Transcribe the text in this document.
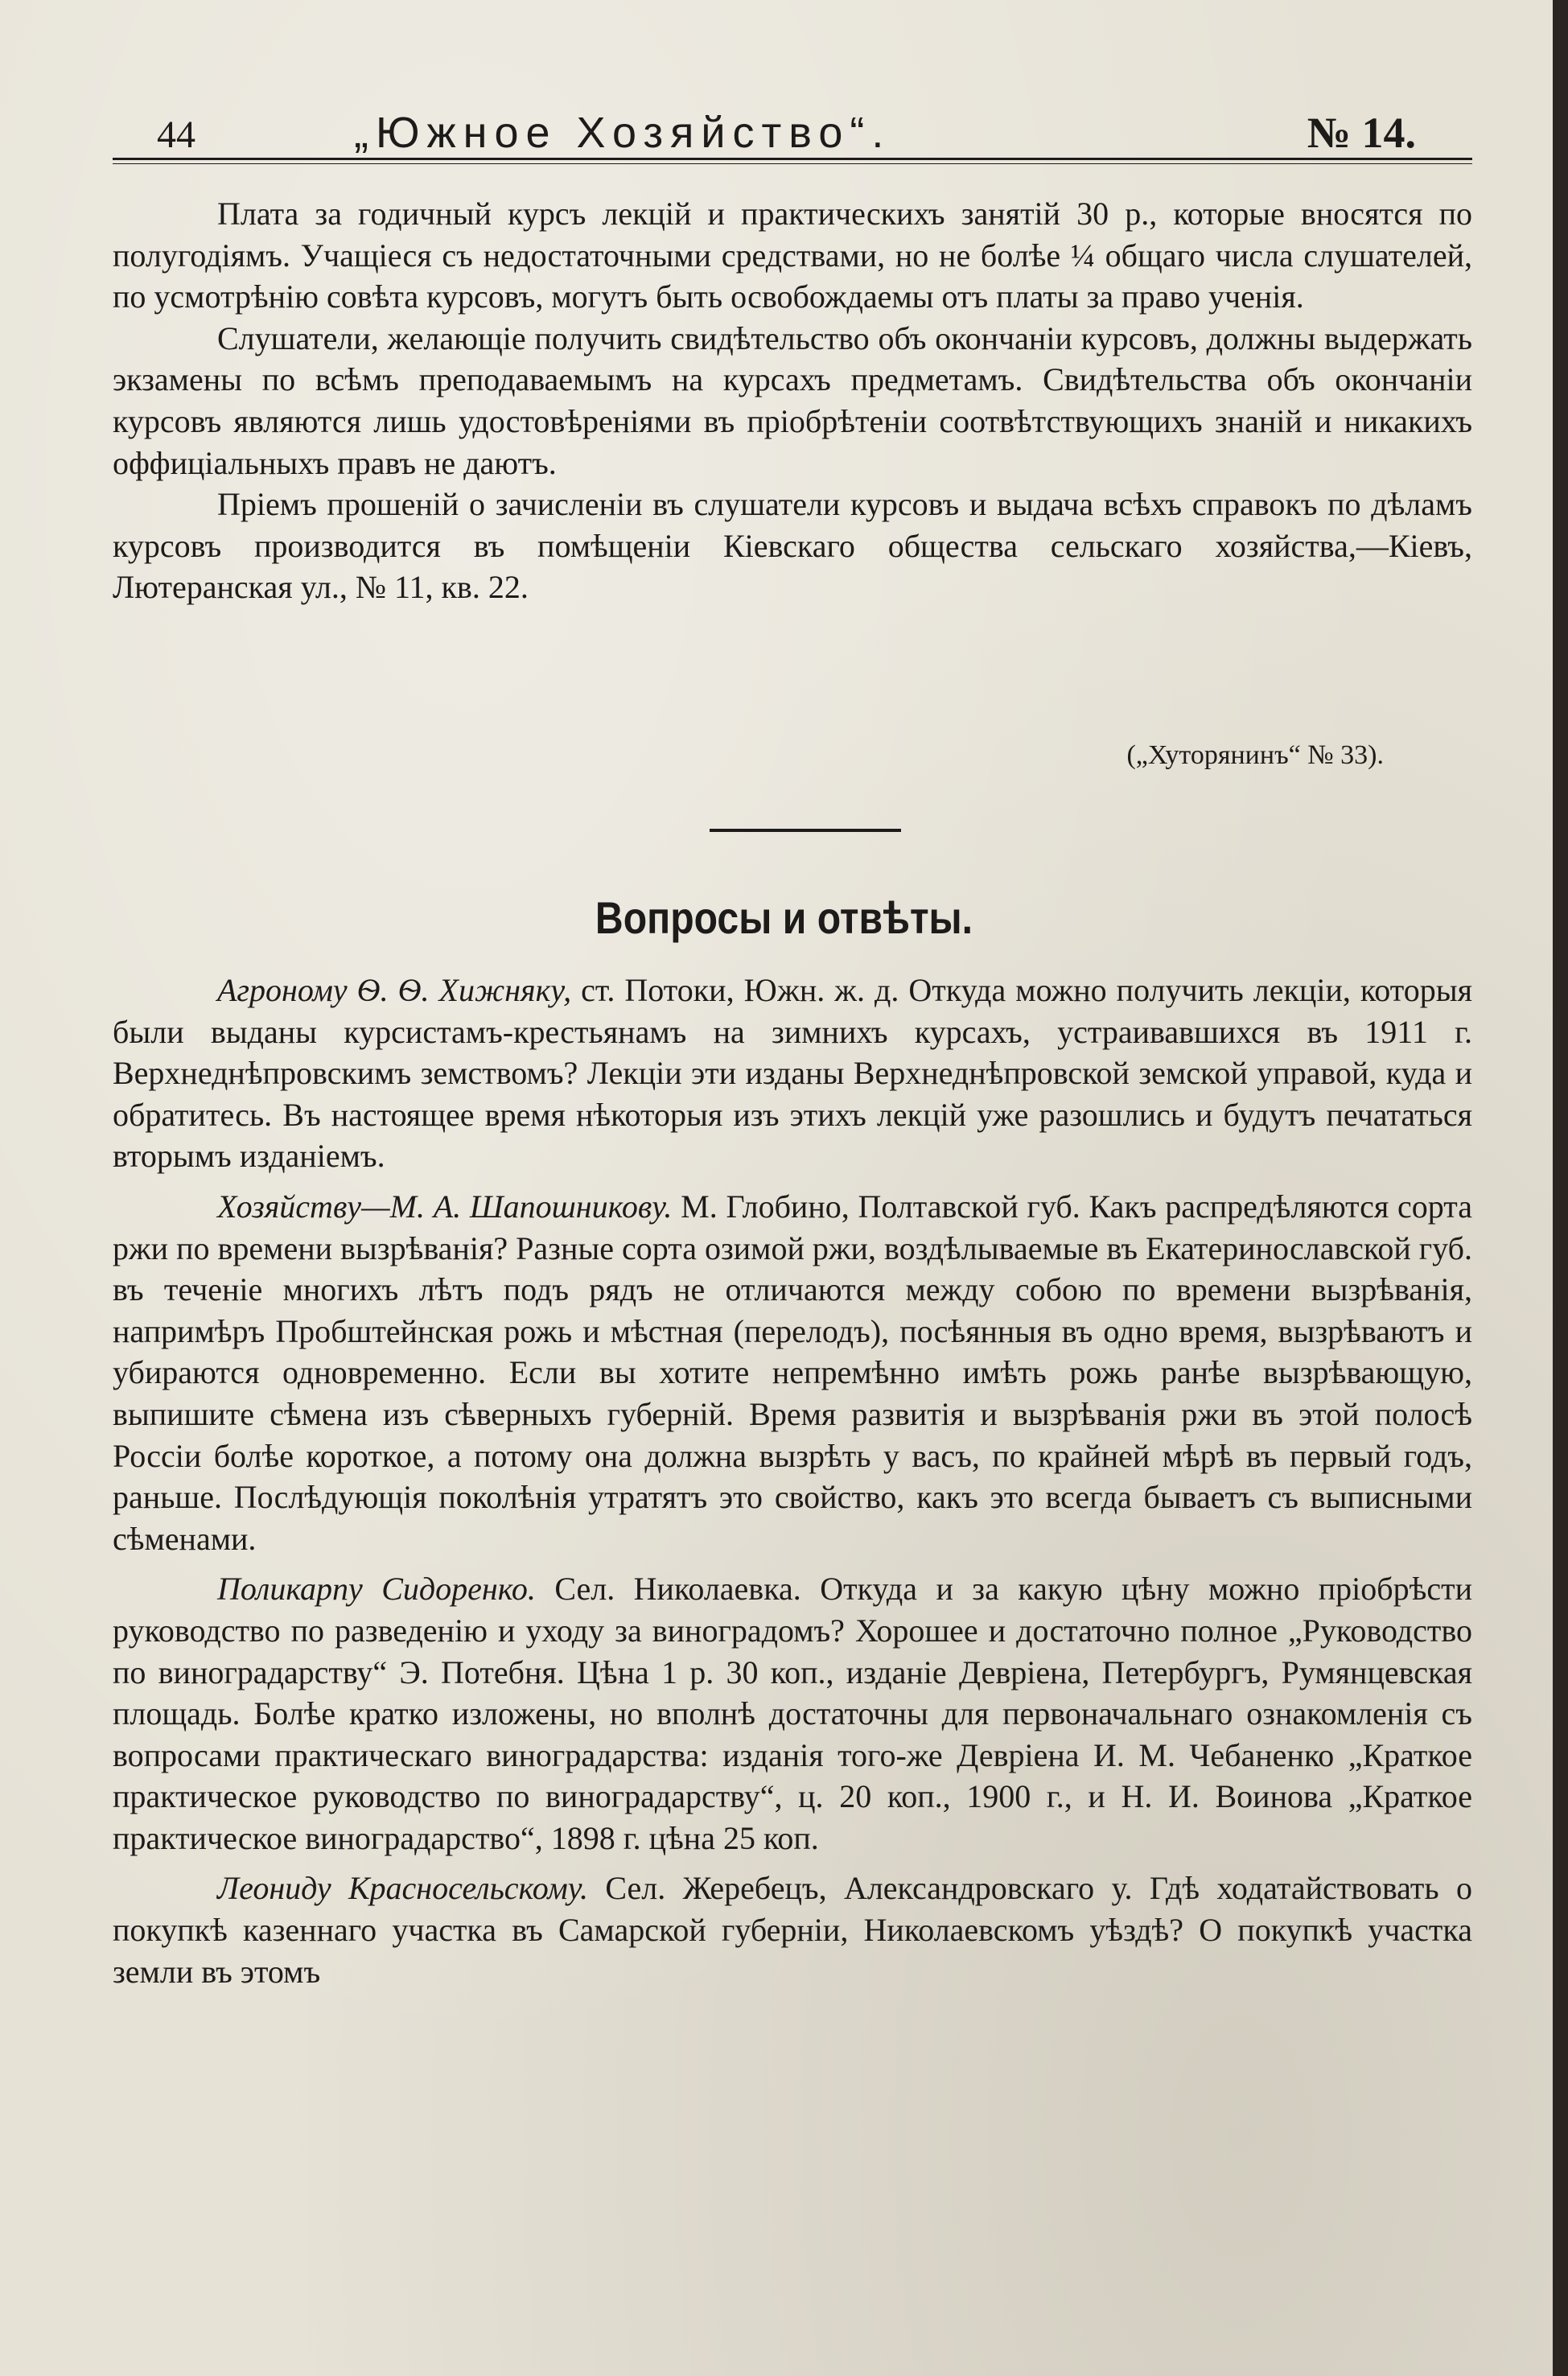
44	„Южное Хозяйство“.	№ 14.

Плата за годичный курсъ лекцій и практическихъ занятій 30 р., которые вносятся по полугодіямъ. Учащіеся съ недостаточными средствами, но не болѣе ¼ общаго числа слушателей, по усмотрѣнію совѣта курсовъ, могутъ быть освобождаемы отъ платы за право ученія.

Слушатели, желающіе получить свидѣтельство объ окончаніи курсовъ, должны выдержать экзамены по всѣмъ преподаваемымъ на курсахъ предметамъ. Свидѣтельства объ окончаніи курсовъ являются лишь удостовѣреніями въ пріобрѣтеніи соотвѣтствующихъ знаній и никакихъ оффиціальныхъ правъ не даютъ.

Пріемъ прошеній о зачисленіи въ слушатели курсовъ и выдача всѣхъ справокъ по дѣламъ курсовъ производится въ помѣщеніи Кіевскаго общества сельскаго хозяйства,—Кіевъ, Лютеранская ул., № 11, кв. 22.

(„Хуторянинъ“ № 33).
Вопросы и отвѣты.

Агроному Ѳ. Ѳ. Хижняку, ст. Потоки, Южн. ж. д. Откуда можно получить лекціи, которыя были выданы курсистамъ-крестьянамъ на зимнихъ курсахъ, устраивавшихся въ 1911 г. Верхнеднѣпровскимъ земствомъ? Лекціи эти изданы Верхнеднѣпровской земской управой, куда и обратитесь. Въ настоящее время нѣкоторыя изъ этихъ лекцій уже разошлись и будутъ печататься вторымъ изданіемъ.

Хозяйству—М. А. Шапошникову. М. Глобино, Полтавской губ. Какъ распредѣляются сорта ржи по времени вызрѣванія? Разные сорта озимой ржи, воздѣлываемые въ Екатеринославской губ. въ теченіе многихъ лѣтъ подъ рядъ не отличаются между собою по времени вызрѣванія, напримѣръ Пробштейнская рожь и мѣстная (перелодъ), посѣянныя въ одно время, вызрѣваютъ и убираются одновременно. Если вы хотите непремѣнно имѣть рожь ранѣе вызрѣвающую, выпишите сѣмена изъ сѣверныхъ губерній. Время развитія и вызрѣванія ржи въ этой полосѣ Россіи болѣе короткое, а потому она должна вызрѣть у васъ, по крайней мѣрѣ въ первый годъ, раньше. Послѣдующія поколѣнія утратятъ это свойство, какъ это всегда бываетъ съ выписными сѣменами.

Поликарпу Сидоренко. Сел. Николаевка. Откуда и за какую цѣну можно пріобрѣсти руководство по разведенію и уходу за виноградомъ? Хорошее и достаточно полное „Руководство по виноградарству“ Э. Потебня. Цѣна 1 р. 30 коп., изданіе Девріена, Петербургъ, Румянцевская площадь. Болѣе кратко изложены, но вполнѣ достаточны для первоначальнаго ознакомленія съ вопросами практическаго виноградарства: изданія того-же Девріена И. М. Чебаненко „Краткое практическое руководство по виноградарству“, ц. 20 коп., 1900 г., и Н. И. Воинова „Краткое практическое виноградарство“, 1898 г. цѣна 25 коп.

Леониду Красносельскому. Сел. Жеребецъ, Александровскаго у. Гдѣ ходатайствовать о покупкѣ казеннаго участка въ Самарской губерніи, Николаевскомъ уѣздѣ? О покупкѣ участка земли въ этомъ
